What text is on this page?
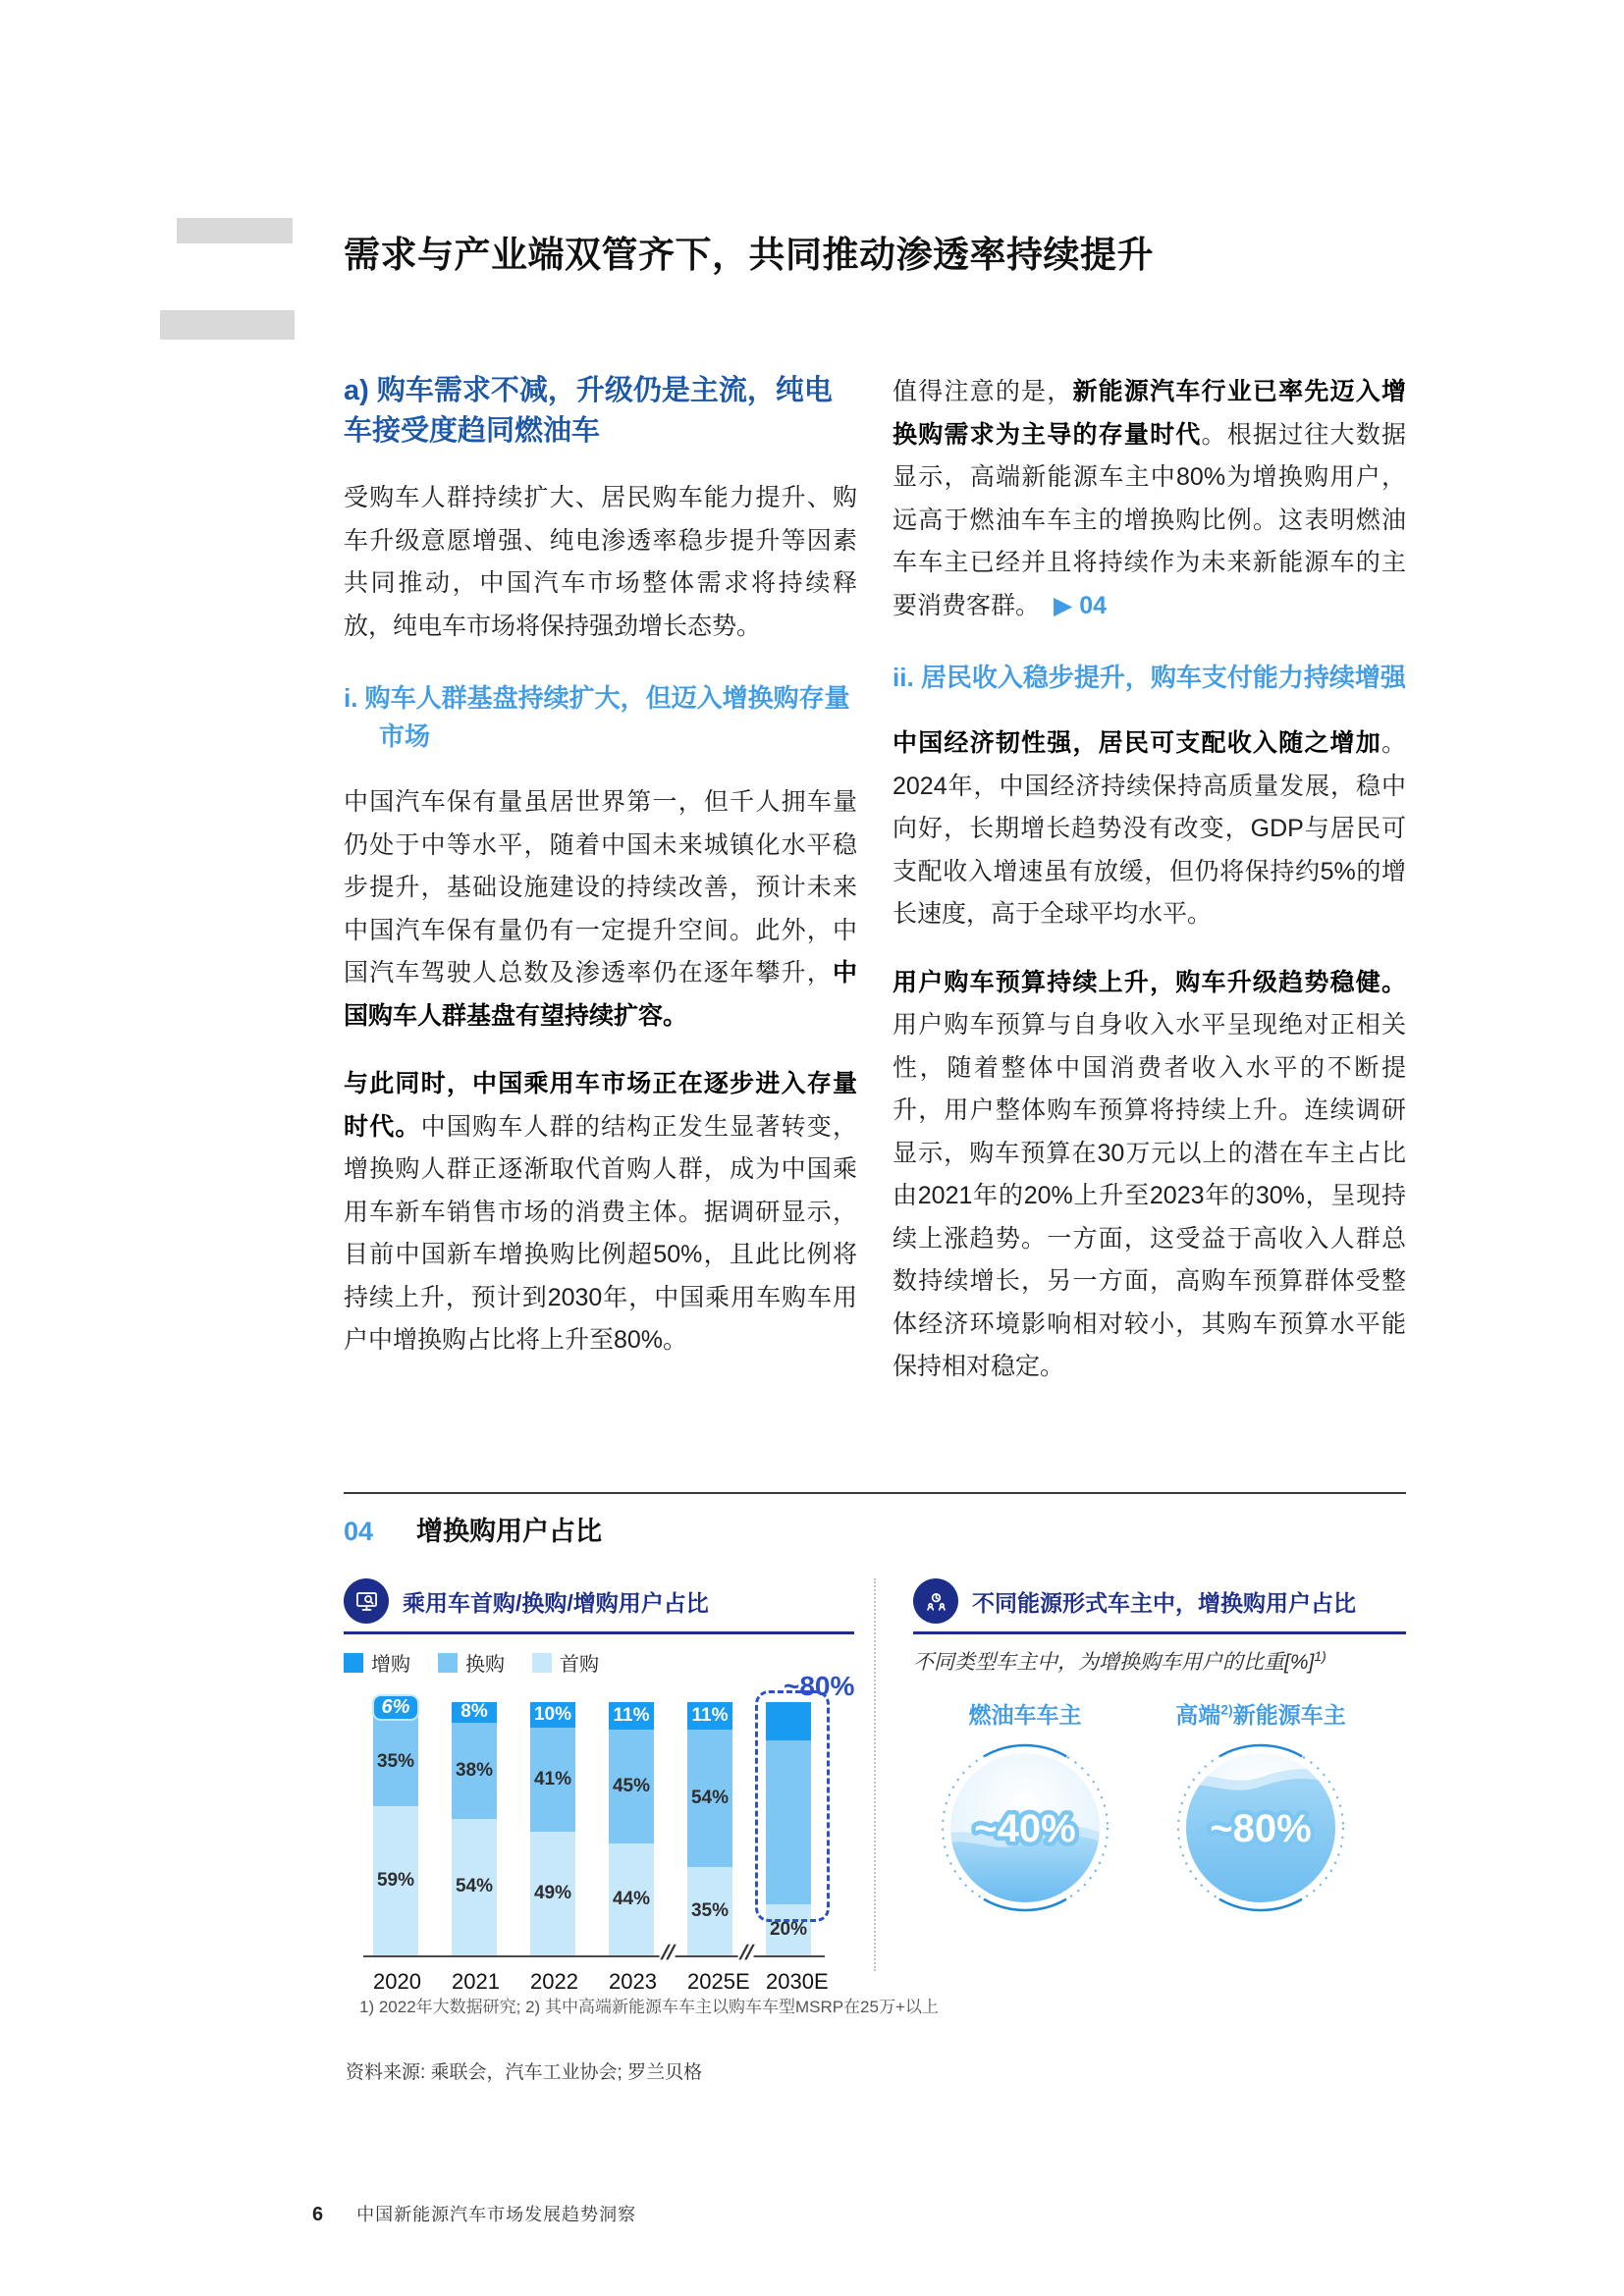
需求与产业端双管齐下，共同推动渗透率持续提升
a) 购车需求不减，升级仍是主流，纯电车接受度趋同燃油车

受购车人群持续扩大、居民购车能力提升、购车升级意愿增强、纯电渗透率稳步提升等因素共同推动，中国汽车市场整体需求将持续释放，纯电车市场将保持强劲增长态势。

i. 购车人群基盘持续扩大，但迈入增换购存量市场

中国汽车保有量虽居世界第一，但千人拥车量仍处于中等水平，随着中国未来城镇化水平稳步提升，基础设施建设的持续改善，预计未来中国汽车保有量仍有一定提升空间。此外，中国汽车驾驶人总数及渗透率仍在逐年攀升，中国购车人群基盘有望持续扩容。

与此同时，中国乘用车市场正在逐步进入存量时代。中国购车人群的结构正发生显著转变，增换购人群正逐渐取代首购人群，成为中国乘用车新车销售市场的消费主体。据调研显示，目前中国新车增换购比例超50%，且此比例将持续上升，预计到2030年，中国乘用车购车用户中增换购占比将上升至80%。

值得注意的是，新能源汽车行业已率先迈入增换购需求为主导的存量时代。根据过往大数据显示，高端新能源车主中80%为增换购用户，远高于燃油车车主的增换购比例。这表明燃油车车主已经并且将持续作为未来新能源车的主要消费客群。 ▶ 04

ii. 居民收入稳步提升，购车支付能力持续增强

中国经济韧性强，居民可支配收入随之增加。2024年，中国经济持续保持高质量发展，稳中向好，长期增长趋势没有改变，GDP与居民可支配收入增速虽有放缓，但仍将保持约5%的增长速度，高于全球平均水平。

用户购车预算持续上升，购车升级趋势稳健。用户购车预算与自身收入水平呈现绝对正相关性，随着整体中国消费者收入水平的不断提升，用户整体购车预算将持续上升。连续调研显示，购车预算在30万元以上的潜在车主占比由2021年的20%上升至2023年的30%，呈现持续上涨趋势。一方面，这受益于高收入人群总数持续增长，另一方面，高购车预算群体受整体经济环境影响相对较小，其购车预算水平能保持相对稳定。

04 增换购用户占比
乘用车首购/换购/增购用户占比
增购	换购	首购
6%
35%
59%
8%
38%
54%
10%
41%
49%
11%
45%
44%
11%
54%
35%
20%
~80%
//	//
2020 2021 2022 2023 2025E 2030E
不同能源形式车主中，增换购用户占比
不同类型车主中，为增换购车用户的比重[%]$^{1)}$
燃油车车主
~40%
高端$^{2)}$新能源车主
~80%
1) 2022年大数据研究; 2) 其中高端新能源车车主以购车车型MSRP在25万+以上
资料来源: 乘联会，汽车工业协会; 罗兰贝格
6 中国新能源汽车市场发展趋势洞察
